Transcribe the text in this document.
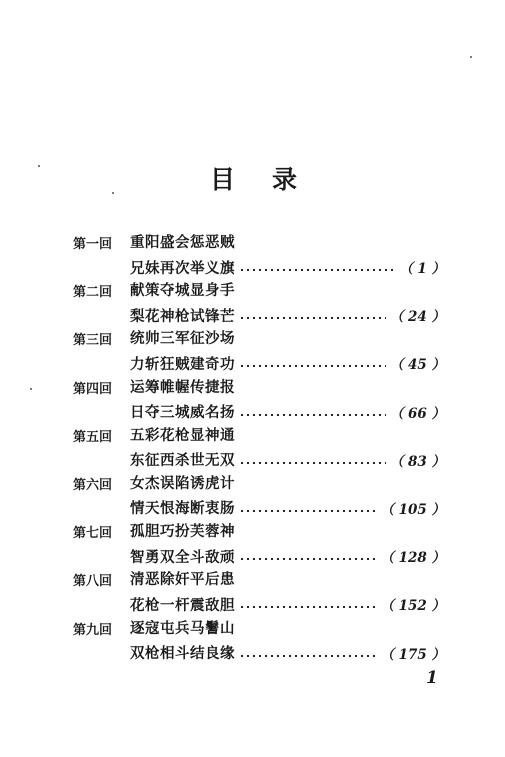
目 录
第一回 重阳盛会惩恶贼
兄妹再次举义旗	（ 1 ）
第二回 献策夺城显身手
梨花神枪试锋芒	（ 24 ）
第三回 统帅三军征沙场
力斩狂贼建奇功	（ 45 ）
第四回 运筹帷幄传捷报
日夺三城威名扬	（ 66 ）
第五回 五彩花枪显神通
东征西杀世无双	（ 83 ）
第六回 女杰误陷诱虎计
情天恨海断衷肠	（ 105 ）
第七回 孤胆巧扮芙蓉神
智勇双全斗敌顽	（ 128 ）
第八回 清恶除奸平后患
花枪一杆震敌胆	（ 152 ）
第九回 逐寇屯兵马鬐山
双枪相斗结良缘	（ 175 ）
1
